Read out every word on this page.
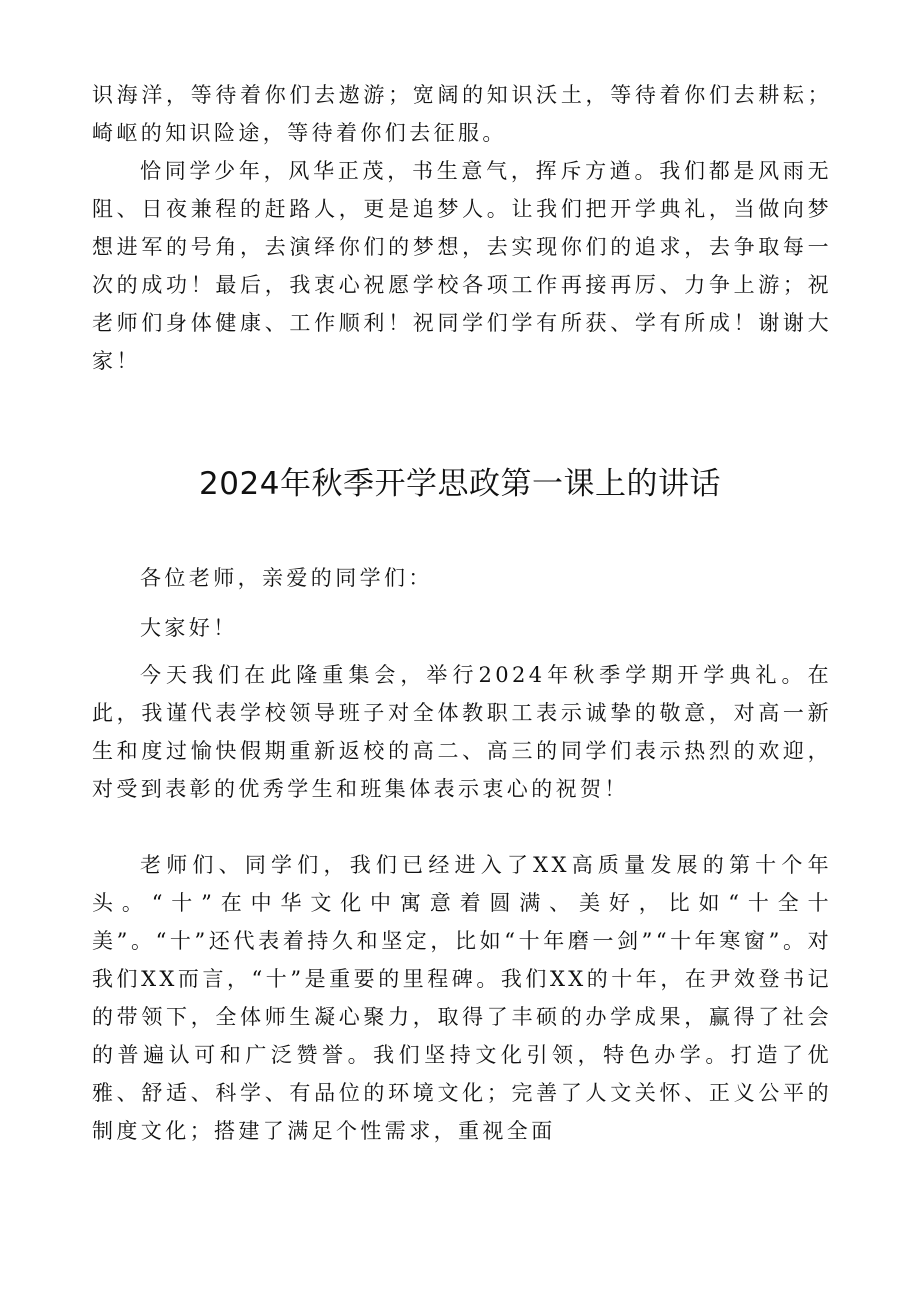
识海洋，等待着你们去遨游；宽阔的知识沃土，等待着你们去耕耘；崎岖的知识险途，等待着你们去征服。

恰同学少年，风华正茂，书生意气，挥斥方遒。我们都是风雨无阻、日夜兼程的赶路人，更是追梦人。让我们把开学典礼，当做向梦想进军的号角，去演绎你们的梦想，去实现你们的追求，去争取每一次的成功！最后，我衷心祝愿学校各项工作再接再厉、力争上游；祝老师们身体健康、工作顺利！祝同学们学有所获、学有所成！谢谢大家！

2024年秋季开学思政第一课上的讲话

各位老师，亲爱的同学们：

大家好！

今天我们在此隆重集会，举行2024年秋季学期开学典礼。在此，我谨代表学校领导班子对全体教职工表示诚挚的敬意，对高一新生和度过愉快假期重新返校的高二、高三的同学们表示热烈的欢迎，对受到表彰的优秀学生和班集体表示衷心的祝贺！

老师们、同学们，我们已经进入了XX高质量发展的第十个年头。“十”在中华文化中寓意着圆满、美好，比如“十全十美”。“十”还代表着持久和坚定，比如“十年磨一剑”“十年寒窗”。对我们XX而言，“十”是重要的里程碑。我们XX的十年，在尹效登书记的带领下，全体师生凝心聚力，取得了丰硕的办学成果，赢得了社会的普遍认可和广泛赞誉。我们坚持文化引领，特色办学。打造了优雅、舒适、科学、有品位的环境文化；完善了人文关怀、正义公平的制度文化；搭建了满足个性需求，重视全面
